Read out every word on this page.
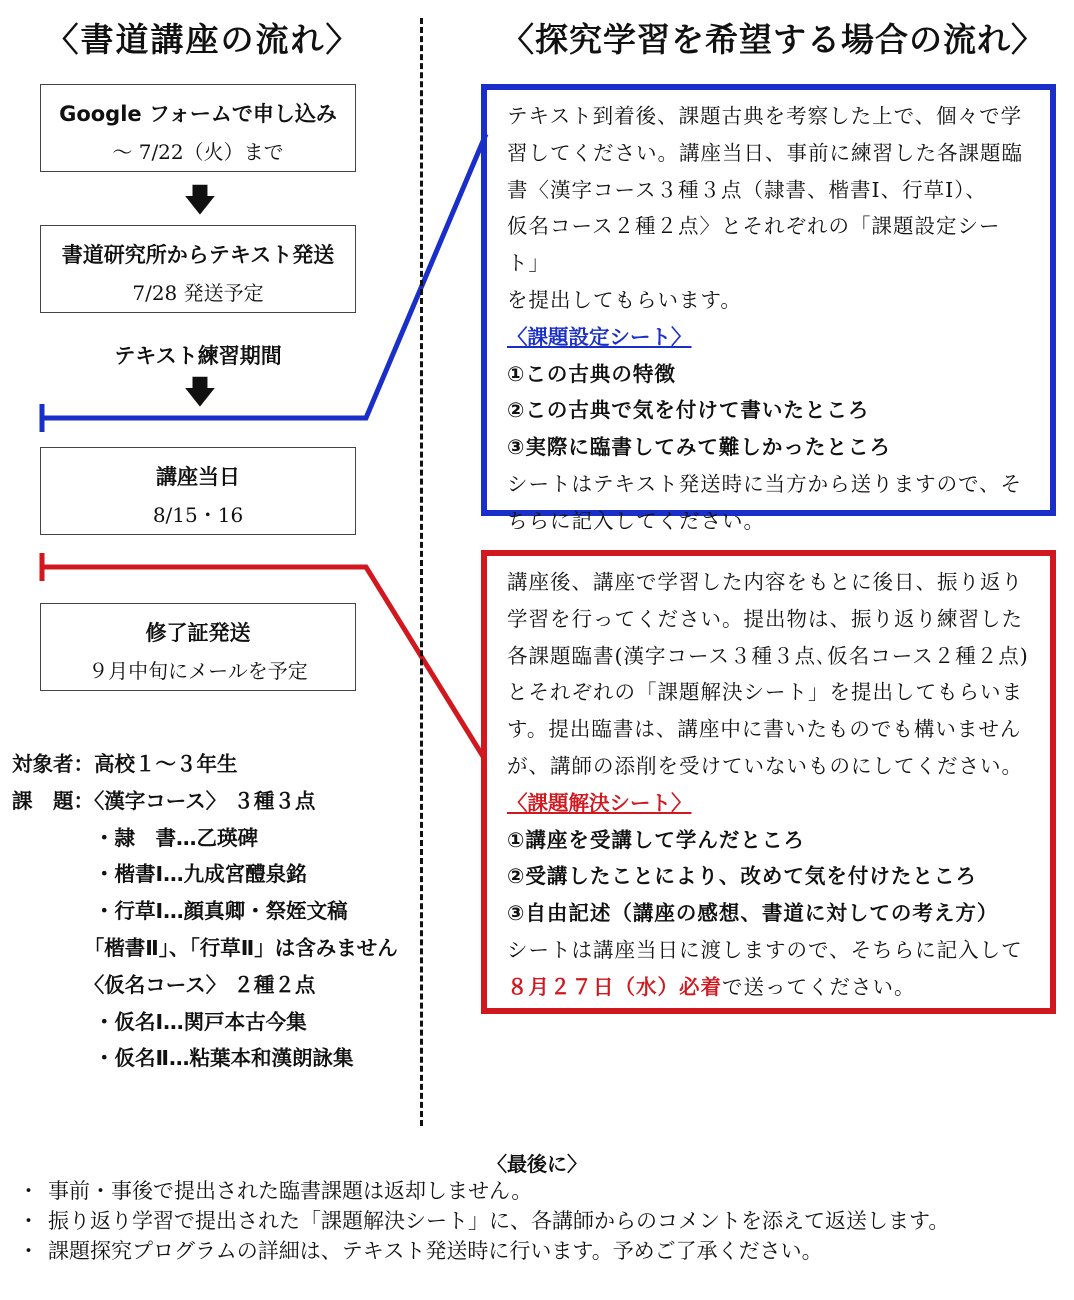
〈書道講座の流れ〉	〈探究学習を希望する場合の流れ〉
Google フォームで申し込み
～ 7/22（火）まで
🡇
書道研究所からテキスト発送
7/28 発送予定
テキスト練習期間
🡇
講座当日
8/15・16
修了証発送
９月中旬にメールを予定
対象者：高校１～３年生
課　題：〈漢字コース〉 ３種３点
　　　　・隷　書…乙瑛碑
　　　　・楷書Ⅰ…九成宮醴泉銘
　　　　・行草Ⅰ…顔真卿・祭姪文稿
　　　　「楷書Ⅱ」、「行草Ⅱ」は含みません
　　　　〈仮名コース〉 ２種２点
　　　　・仮名Ⅰ…関戸本古今集
　　　　・仮名Ⅱ…粘葉本和漢朗詠集

テキスト到着後、課題古典を考察した上で、個々で学

習してください。講座当日、事前に練習した各課題臨

書〈漢字コース３種３点（隷書、楷書Ⅰ、行草Ⅰ）、

仮名コース２種２点〉とそれぞれの「課題設定シート」

を提出してもらいます。

〈課題設定シート〉
①この古典の特徴
②この古典で気を付けて書いたところ
③実際に臨書してみて難しかったところ

シートはテキスト発送時に当方から送りますので、そ

ちらに記入してください。

講座後、講座で学習した内容をもとに後日、振り返り

学習を行ってください。提出物は、振り返り練習した

各課題臨書(漢字コース３種３点､仮名コース２種２点)

とそれぞれの「課題解決シート」を提出してもらいま

す。提出臨書は、講座中に書いたものでも構いません

が、講師の添削を受けていないものにしてください。

〈課題解決シート〉
①講座を受講して学んだところ
②受講したことにより、改めて気を付けたところ
③自由記述（講座の感想、書道に対しての考え方）

シートは講座当日に渡しますので、そちらに記入して

８月２７日（水）必着で送ってください。

〈最後に〉
・ 事前・事後で提出された臨書課題は返却しません。
・ 振り返り学習で提出された「課題解決シート」に、各講師からのコメントを添えて返送します。
・ 課題探究プログラムの詳細は、テキスト発送時に行います。予めご了承ください。
